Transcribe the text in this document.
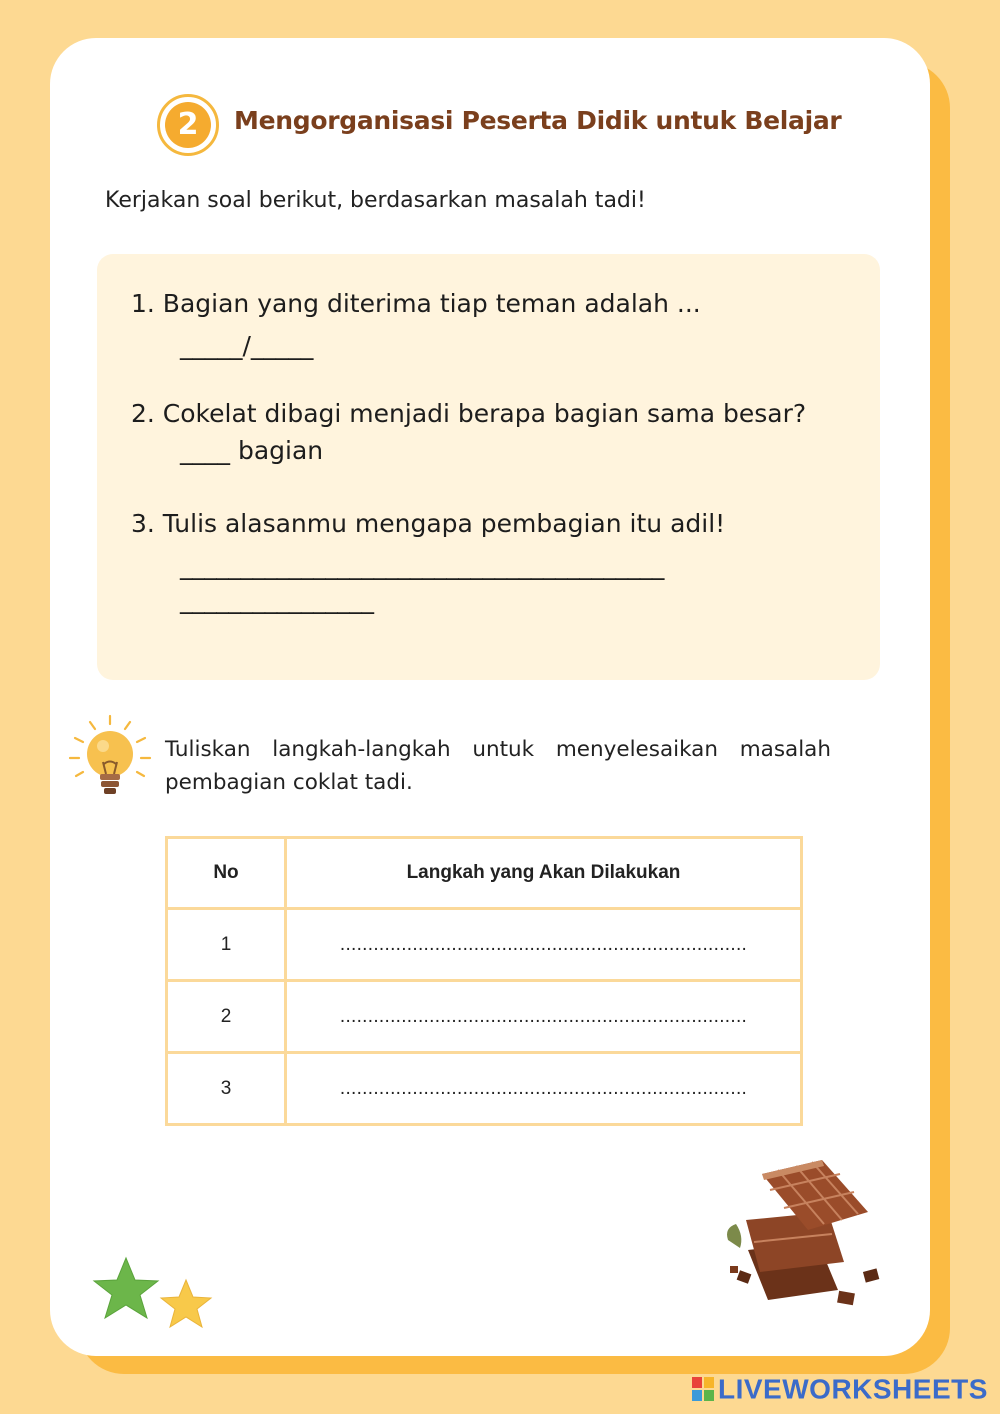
2	Mengorganisasi Peserta Didik untuk Belajar
Kerjakan soal berikut, berdasarkan masalah tadi!
1. Bagian yang diterima tiap teman adalah ...
_____/_____
2. Cokelat dibagi menjadi berapa bagian sama besar?
____ bagian
3. Tulis alasanmu mengapa pembagian itu adil!
________________________________________
________________
Tuliskan langkah-langkah untuk menyelesaikan masalah pembagian coklat tadi.
No	Langkah yang Akan Dilakukan
1	.........................................................................
2	.........................................................................
3	.........................................................................
LIVEWORKSHEETS
